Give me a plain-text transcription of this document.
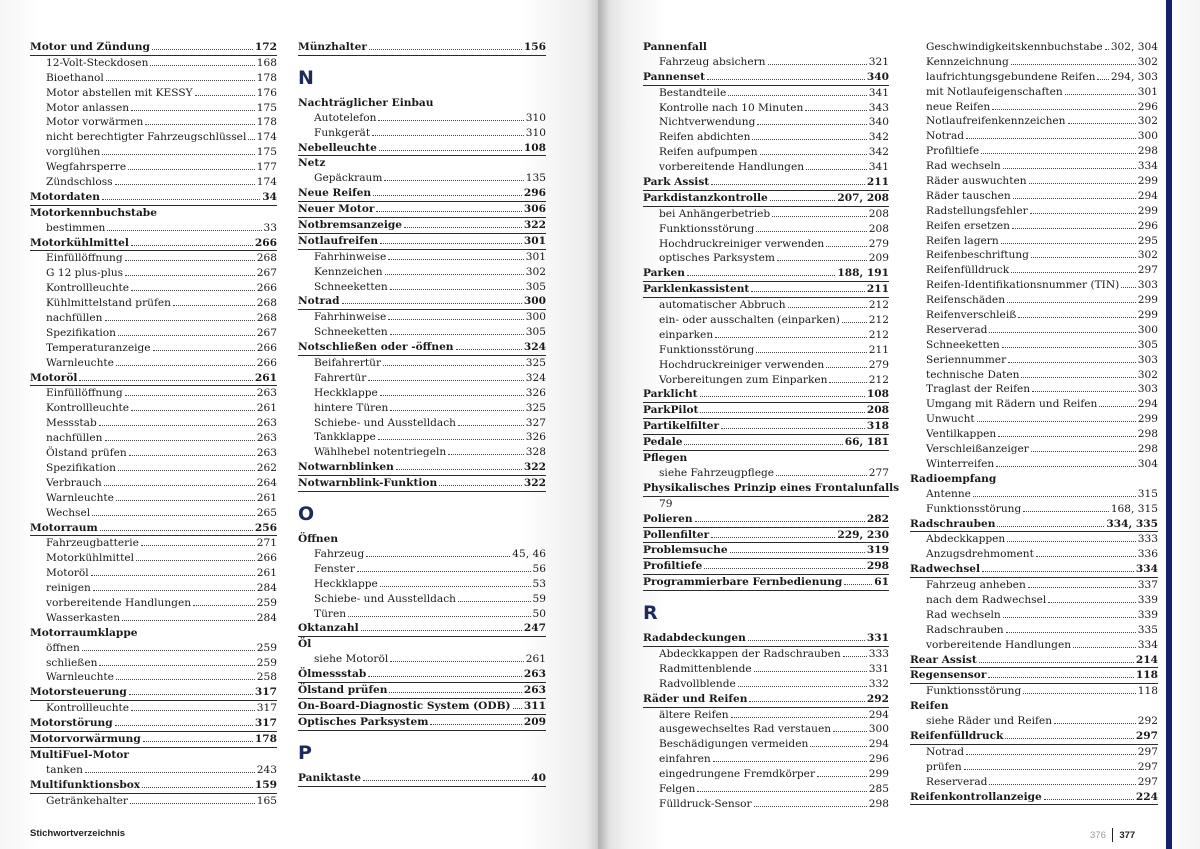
Motor und Zündung	172
12-Volt-Steckdosen	168
Bioethanol	178
Motor abstellen mit KESSY	176
Motor anlassen	175
Motor vorwärmen	178
nicht berechtigter Fahrzeugschlüssel 174
vorglühen	175
Wegfahrsperre	177
Zündschloss	174
Motordaten	34
Motorkennbuchstabe
bestimmen	33
Motorkühlmittel	266
Einfüllöffnung	268
G 12 plus-plus	267
Kontrollleuchte	266
Kühlmittelstand prüfen	268
nachfüllen	268
Spezifikation	267
Temperaturanzeige	266
Warnleuchte	266
Motoröl	261
Einfüllöffnung	263
Kontrollleuchte	261
Messstab	263
nachfüllen	263
Ölstand prüfen	263
Spezifikation	262
Verbrauch	264
Warnleuchte	261
Wechsel	265
Motorraum	256
Fahrzeugbatterie	271
Motorkühlmittel	266
Motoröl	261
reinigen	284
vorbereitende Handlungen	259
Wasserkasten	284
Motorraumklappe
öffnen	259
schließen	259
Warnleuchte	258
Motorsteuerung	317
Kontrollleuchte	317
Motorstörung	317
Motorvorwärmung	178
MultiFuel-Motor
tanken	243
Multifunktionsbox	159
Getränkehalter	165
Münzhalter	156
N
Nachträglicher Einbau
Autotelefon	310
Funkgerät	310
Nebelleuchte	108
Netz
Gepäckraum	135
Neue Reifen	296
Neuer Motor	306
Notbremsanzeige	322
Notlaufreifen	301
Fahrhinweise	301
Kennzeichen	302
Schneeketten	305
Notrad	300
Fahrhinweise	300
Schneeketten	305
Notschließen oder -öffnen	324
Beifahrertür	325
Fahrertür	324
Heckklappe	326
hintere Türen	325
Schiebe- und Ausstelldach	327
Tankklappe	326
Wählhebel notentriegeln	328
Notwarnblinken	322
Notwarnblink-Funktion	322
O
Öffnen
Fahrzeug	45, 46
Fenster	56
Heckklappe	53
Schiebe- und Ausstelldach	59
Türen	50
Oktanzahl	247
Öl
siehe Motoröl	261
Ölmessstab	263
Ölstand prüfen	263
On-Board-Diagnostic System (ODB) 311
Optisches Parksystem	209
P
Paniktaste	40
Stichwortverzeichnis
Pannenfall
Fahrzeug absichern	321
Pannenset	340
Bestandteile	341
Kontrolle nach 10 Minuten	343
Nichtverwendung	340
Reifen abdichten	342
Reifen aufpumpen	342
vorbereitende Handlungen	341
Park Assist	211
Parkdistanzkontrolle	207, 208
bei Anhängerbetrieb	208
Funktionsstörung	208
Hochdruckreiniger verwenden	279
optisches Parksystem	209
Parken	188, 191
Parklenkassistent	211
automatischer Abbruch	212
ein- oder ausschalten (einparken)	212
einparken	212
Funktionsstörung	211
Hochdruckreiniger verwenden	279
Vorbereitungen zum Einparken	212
Parklicht	108
ParkPilot	208
Partikelfilter	318
Pedale	66, 181
Pflegen
siehe Fahrzeugpflege	277
Physikalisches Prinzip eines Frontalunfalls
79
Polieren	282
Pollenfilter	229, 230
Problemsuche	319
Profiltiefe	298
Programmierbare Fernbedienung	61
R
Radabdeckungen	331
Abdeckkappen der Radschrauben	333
Radmittenblende	331
Radvollblende	332
Räder und Reifen	292
ältere Reifen	294
ausgewechseltes Rad verstauen	300
Beschädigungen vermeiden	294
einfahren	296
eingedrungene Fremdkörper	299
Felgen	285
Fülldruck-Sensor	298
Geschwindigkeitskennbuchstabe 302, 304
Kennzeichnung	302
laufrichtungsgebundene Reifen 294, 303
mit Notlaufeigenschaften	301
neue Reifen	296
Notlaufreifenkennzeichen	302
Notrad	300
Profiltiefe	298
Rad wechseln	334
Räder auswuchten	299
Räder tauschen	294
Radstellungsfehler	299
Reifen ersetzen	296
Reifen lagern	295
Reifenbeschriftung	302
Reifenfülldruck	297
Reifen-Identifikationsnummer (TIN) 303
Reifenschäden	299
Reifenverschleiß	299
Reserverad	300
Schneeketten	305
Seriennummer	303
technische Daten	302
Traglast der Reifen	303
Umgang mit Rädern und Reifen	294
Unwucht	299
Ventilkappen	298
Verschleißanzeiger	298
Winterreifen	304
Radioempfang
Antenne	315
Funktionsstörung	168, 315
Radschrauben	334, 335
Abdeckkappen	333
Anzugsdrehmoment	336
Radwechsel	334
Fahrzeug anheben	337
nach dem Radwechsel	339
Rad wechseln	339
Radschrauben	335
vorbereitende Handlungen	334
Rear Assist	214
Regensensor	118
Funktionsstörung	118
Reifen
siehe Räder und Reifen	292
Reifenfülldruck	297
Notrad	297
prüfen	297
Reserverad	297
Reifenkontrollanzeige	224
376 377
